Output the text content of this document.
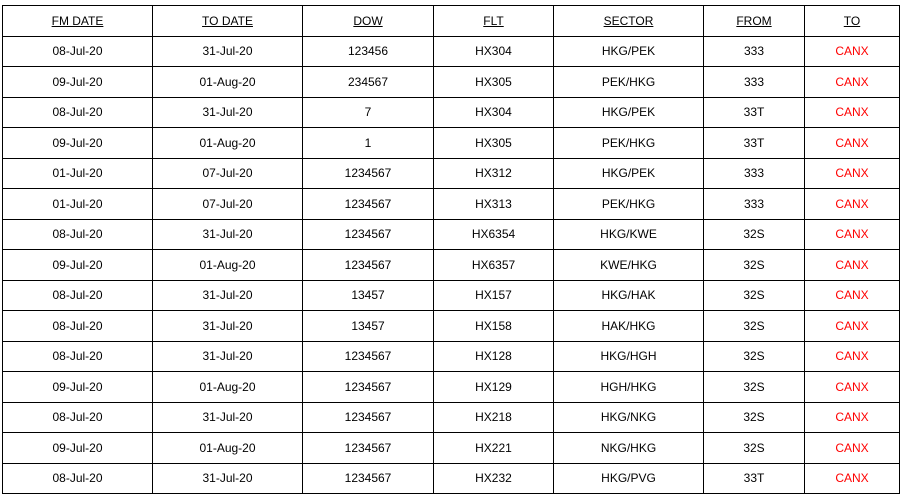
FM DATE	TO DATE	DOW	FLT	SECTOR	FROM	TO
08-Jul-20	31-Jul-20	123456	HX304	HKG/PEK	333	CANX
09-Jul-20	01-Aug-20	234567	HX305	PEK/HKG	333	CANX
08-Jul-20	31-Jul-20	7	HX304	HKG/PEK	33T	CANX
09-Jul-20	01-Aug-20	1	HX305	PEK/HKG	33T	CANX
01-Jul-20	07-Jul-20	1234567	HX312	HKG/PEK	333	CANX
01-Jul-20	07-Jul-20	1234567	HX313	PEK/HKG	333	CANX
08-Jul-20	31-Jul-20	1234567	HX6354	HKG/KWE	32S	CANX
09-Jul-20	01-Aug-20	1234567	HX6357	KWE/HKG	32S	CANX
08-Jul-20	31-Jul-20	13457	HX157	HKG/HAK	32S	CANX
08-Jul-20	31-Jul-20	13457	HX158	HAK/HKG	32S	CANX
08-Jul-20	31-Jul-20	1234567	HX128	HKG/HGH	32S	CANX
09-Jul-20	01-Aug-20	1234567	HX129	HGH/HKG	32S	CANX
08-Jul-20	31-Jul-20	1234567	HX218	HKG/NKG	32S	CANX
09-Jul-20	01-Aug-20	1234567	HX221	NKG/HKG	32S	CANX
08-Jul-20	31-Jul-20	1234567	HX232	HKG/PVG	33T	CANX
